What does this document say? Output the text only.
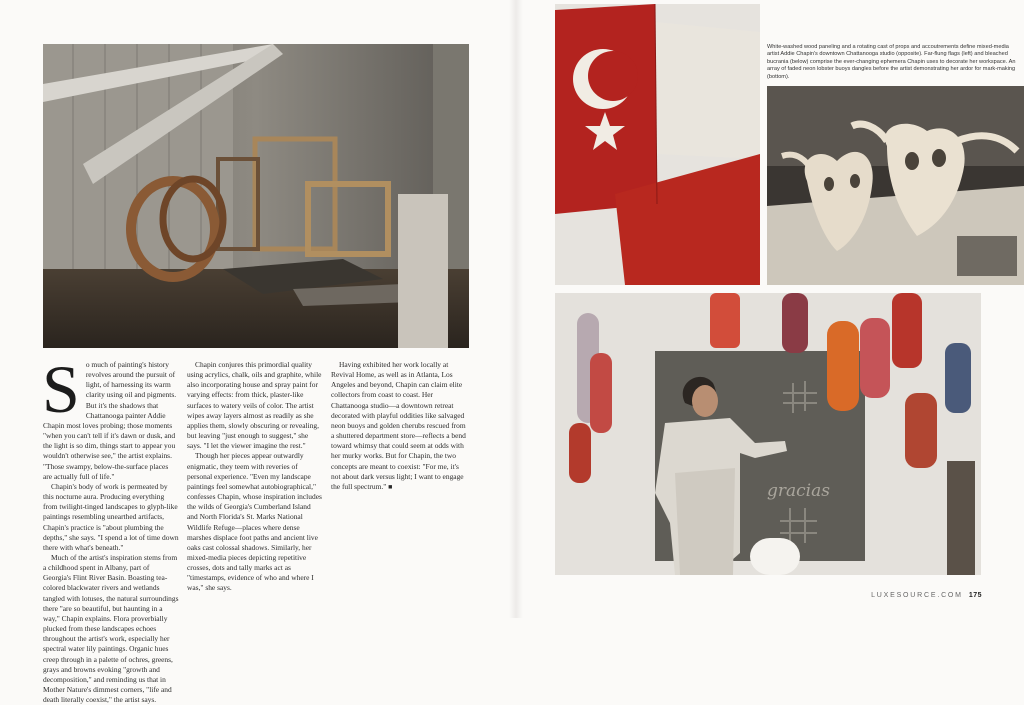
White-washed wood paneling and a rotating cast of props and accoutrements define mixed-media artist Addie Chapin's downtown Chattanooga studio (opposite). Far-flung flags (left) and bleached bucrania (below) comprise the ever-changing ephemera Chapin uses to decorate her workspace. An array of faded neon lobster buoys dangles before the artist demonstrating her ardor for mark-making (bottom).
gracias

So much of painting's history revolves around the pursuit of light, of harnessing its warm clarity using oil and pigments. But it's the shadows that Chattanooga painter Addie Chapin most loves probing; those moments "when you can't tell if it's dawn or dusk, and the light is so dim, things start to appear you wouldn't otherwise see," the artist explains. "Those swampy, below-the-surface places are actually full of life."

Chapin's body of work is permeated by this nocturne aura. Producing everything from twilight-tinged landscapes to glyph-like paintings resembling unearthed artifacts, Chapin's practice is "about plumbing the depths," she says. "I spend a lot of time down there with what's beneath."

Much of the artist's inspiration stems from a childhood spent in Albany, part of Georgia's Flint River Basin. Boasting tea-colored blackwater rivers and wetlands tangled with lotuses, the natural surroundings there "are so beautiful, but haunting in a way," Chapin explains. Flora proverbially plucked from these landscapes echoes throughout the artist's work, especially her spectral water lily paintings. Organic hues creep through in a palette of ochres, greens, grays and browns evoking "growth and decomposition," and reminding us that in Mother Nature's dimmest corners, "life and death literally coexist," the artist says.

Chapin conjures this primordial quality using acrylics, chalk, oils and graphite, while also incorporating house and spray paint for varying effects: from thick, plaster-like surfaces to watery veils of color. The artist wipes away layers almost as readily as she applies them, slowly obscuring or revealing, but leaving "just enough to suggest," she says. "I let the viewer imagine the rest."

Though her pieces appear outwardly enigmatic, they teem with reveries of personal experience. "Even my landscape paintings feel somewhat autobiographical," confesses Chapin, whose inspiration includes the wilds of Georgia's Cumberland Island and North Florida's St. Marks National Wildlife Refuge—places where dense marshes displace foot paths and ancient live oaks cast colossal shadows. Similarly, her mixed-media pieces depicting repetitive crosses, dots and tally marks act as "timestamps, evidence of who and where I was," she says.

Having exhibited her work locally at Revival Home, as well as in Atlanta, Los Angeles and beyond, Chapin can claim elite collectors from coast to coast. Her Chattanooga studio—a downtown retreat decorated with playful oddities like salvaged neon buoys and golden cherubs rescued from a shuttered department store—reflects a bend toward whimsy that could seem at odds with her murky works. But for Chapin, the two concepts are meant to coexist: "For me, it's not about dark versus light; I want to engage the full spectrum." ■

LUXESOURCE.COM 175
